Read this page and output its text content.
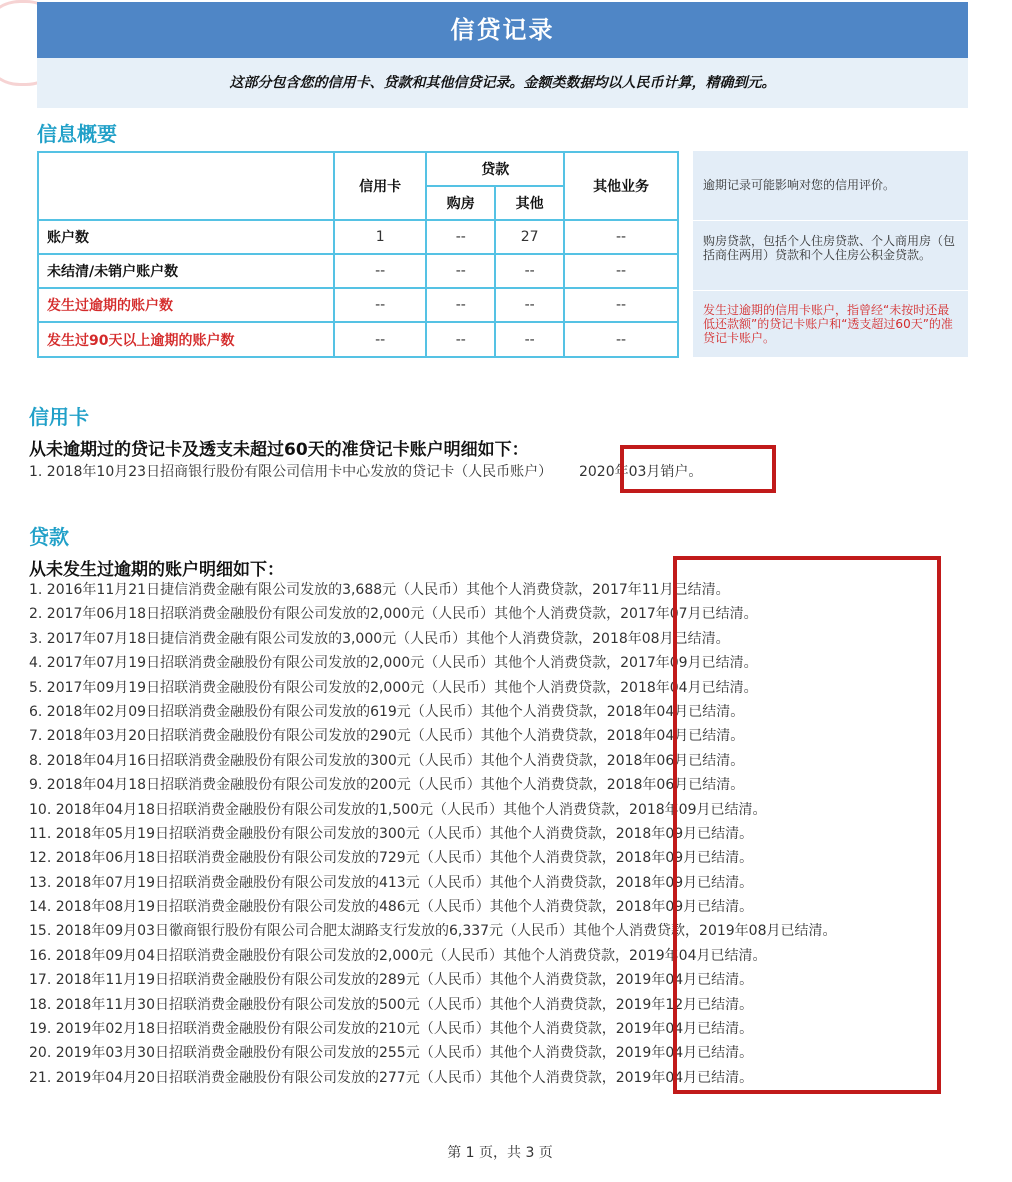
信贷记录
这部分包含您的信用卡、贷款和其他信贷记录。金额类数据均以人民币计算，精确到元。
信息概要
	信用卡	贷款		其他业务
		购房	其他	
账户数	1	--	27	--
未结清/未销户账户数	--	--	--	--
发生过逾期的账户数	--	--	--	--
发生过90天以上逾期的账户数	--	--	--	--
逾期记录可能影响对您的信用评价。
购房贷款，包括个人住房贷款、个人商用房（包括商住两用）贷款和个人住房公积金贷款。
发生过逾期的信用卡账户，指曾经“未按时还最低还款额”的贷记卡账户和“透支超过60天”的准贷记卡账户。
信用卡
从未逾期过的贷记卡及透支未超过60天的准贷记卡账户明细如下：
1. 2018年10月23日招商银行股份有限公司信用卡中心发放的贷记卡（人民币账户） 2020年03月销户。
贷款
从未发生过逾期的账户明细如下：
1. 2016年11月21日捷信消费金融有限公司发放的3,688元（人民币）其他个人消费贷款，2017年11月已结清。
2. 2017年06月18日招联消费金融股份有限公司发放的2,000元（人民币）其他个人消费贷款，2017年07月已结清。
3. 2017年07月18日捷信消费金融有限公司发放的3,000元（人民币）其他个人消费贷款，2018年08月已结清。
4. 2017年07月19日招联消费金融股份有限公司发放的2,000元（人民币）其他个人消费贷款，2017年09月已结清。
5. 2017年09月19日招联消费金融股份有限公司发放的2,000元（人民币）其他个人消费贷款，2018年04月已结清。
6. 2018年02月09日招联消费金融股份有限公司发放的619元（人民币）其他个人消费贷款，2018年04月已结清。
7. 2018年03月20日招联消费金融股份有限公司发放的290元（人民币）其他个人消费贷款，2018年04月已结清。
8. 2018年04月16日招联消费金融股份有限公司发放的300元（人民币）其他个人消费贷款，2018年06月已结清。
9. 2018年04月18日招联消费金融股份有限公司发放的200元（人民币）其他个人消费贷款，2018年06月已结清。
10. 2018年04月18日招联消费金融股份有限公司发放的1,500元（人民币）其他个人消费贷款，2018年09月已结清。
11. 2018年05月19日招联消费金融股份有限公司发放的300元（人民币）其他个人消费贷款，2018年09月已结清。
12. 2018年06月18日招联消费金融股份有限公司发放的729元（人民币）其他个人消费贷款，2018年09月已结清。
13. 2018年07月19日招联消费金融股份有限公司发放的413元（人民币）其他个人消费贷款，2018年09月已结清。
14. 2018年08月19日招联消费金融股份有限公司发放的486元（人民币）其他个人消费贷款，2018年09月已结清。
15. 2018年09月03日徽商银行股份有限公司合肥太湖路支行发放的6,337元（人民币）其他个人消费贷款，2019年08月已结清。
16. 2018年09月04日招联消费金融股份有限公司发放的2,000元（人民币）其他个人消费贷款，2019年04月已结清。
17. 2018年11月19日招联消费金融股份有限公司发放的289元（人民币）其他个人消费贷款，2019年04月已结清。
18. 2018年11月30日招联消费金融股份有限公司发放的500元（人民币）其他个人消费贷款，2019年12月已结清。
19. 2019年02月18日招联消费金融股份有限公司发放的210元（人民币）其他个人消费贷款，2019年04月已结清。
20. 2019年03月30日招联消费金融股份有限公司发放的255元（人民币）其他个人消费贷款，2019年04月已结清。
21. 2019年04月20日招联消费金融股份有限公司发放的277元（人民币）其他个人消费贷款，2019年04月已结清。
第 1 页，共 3 页
